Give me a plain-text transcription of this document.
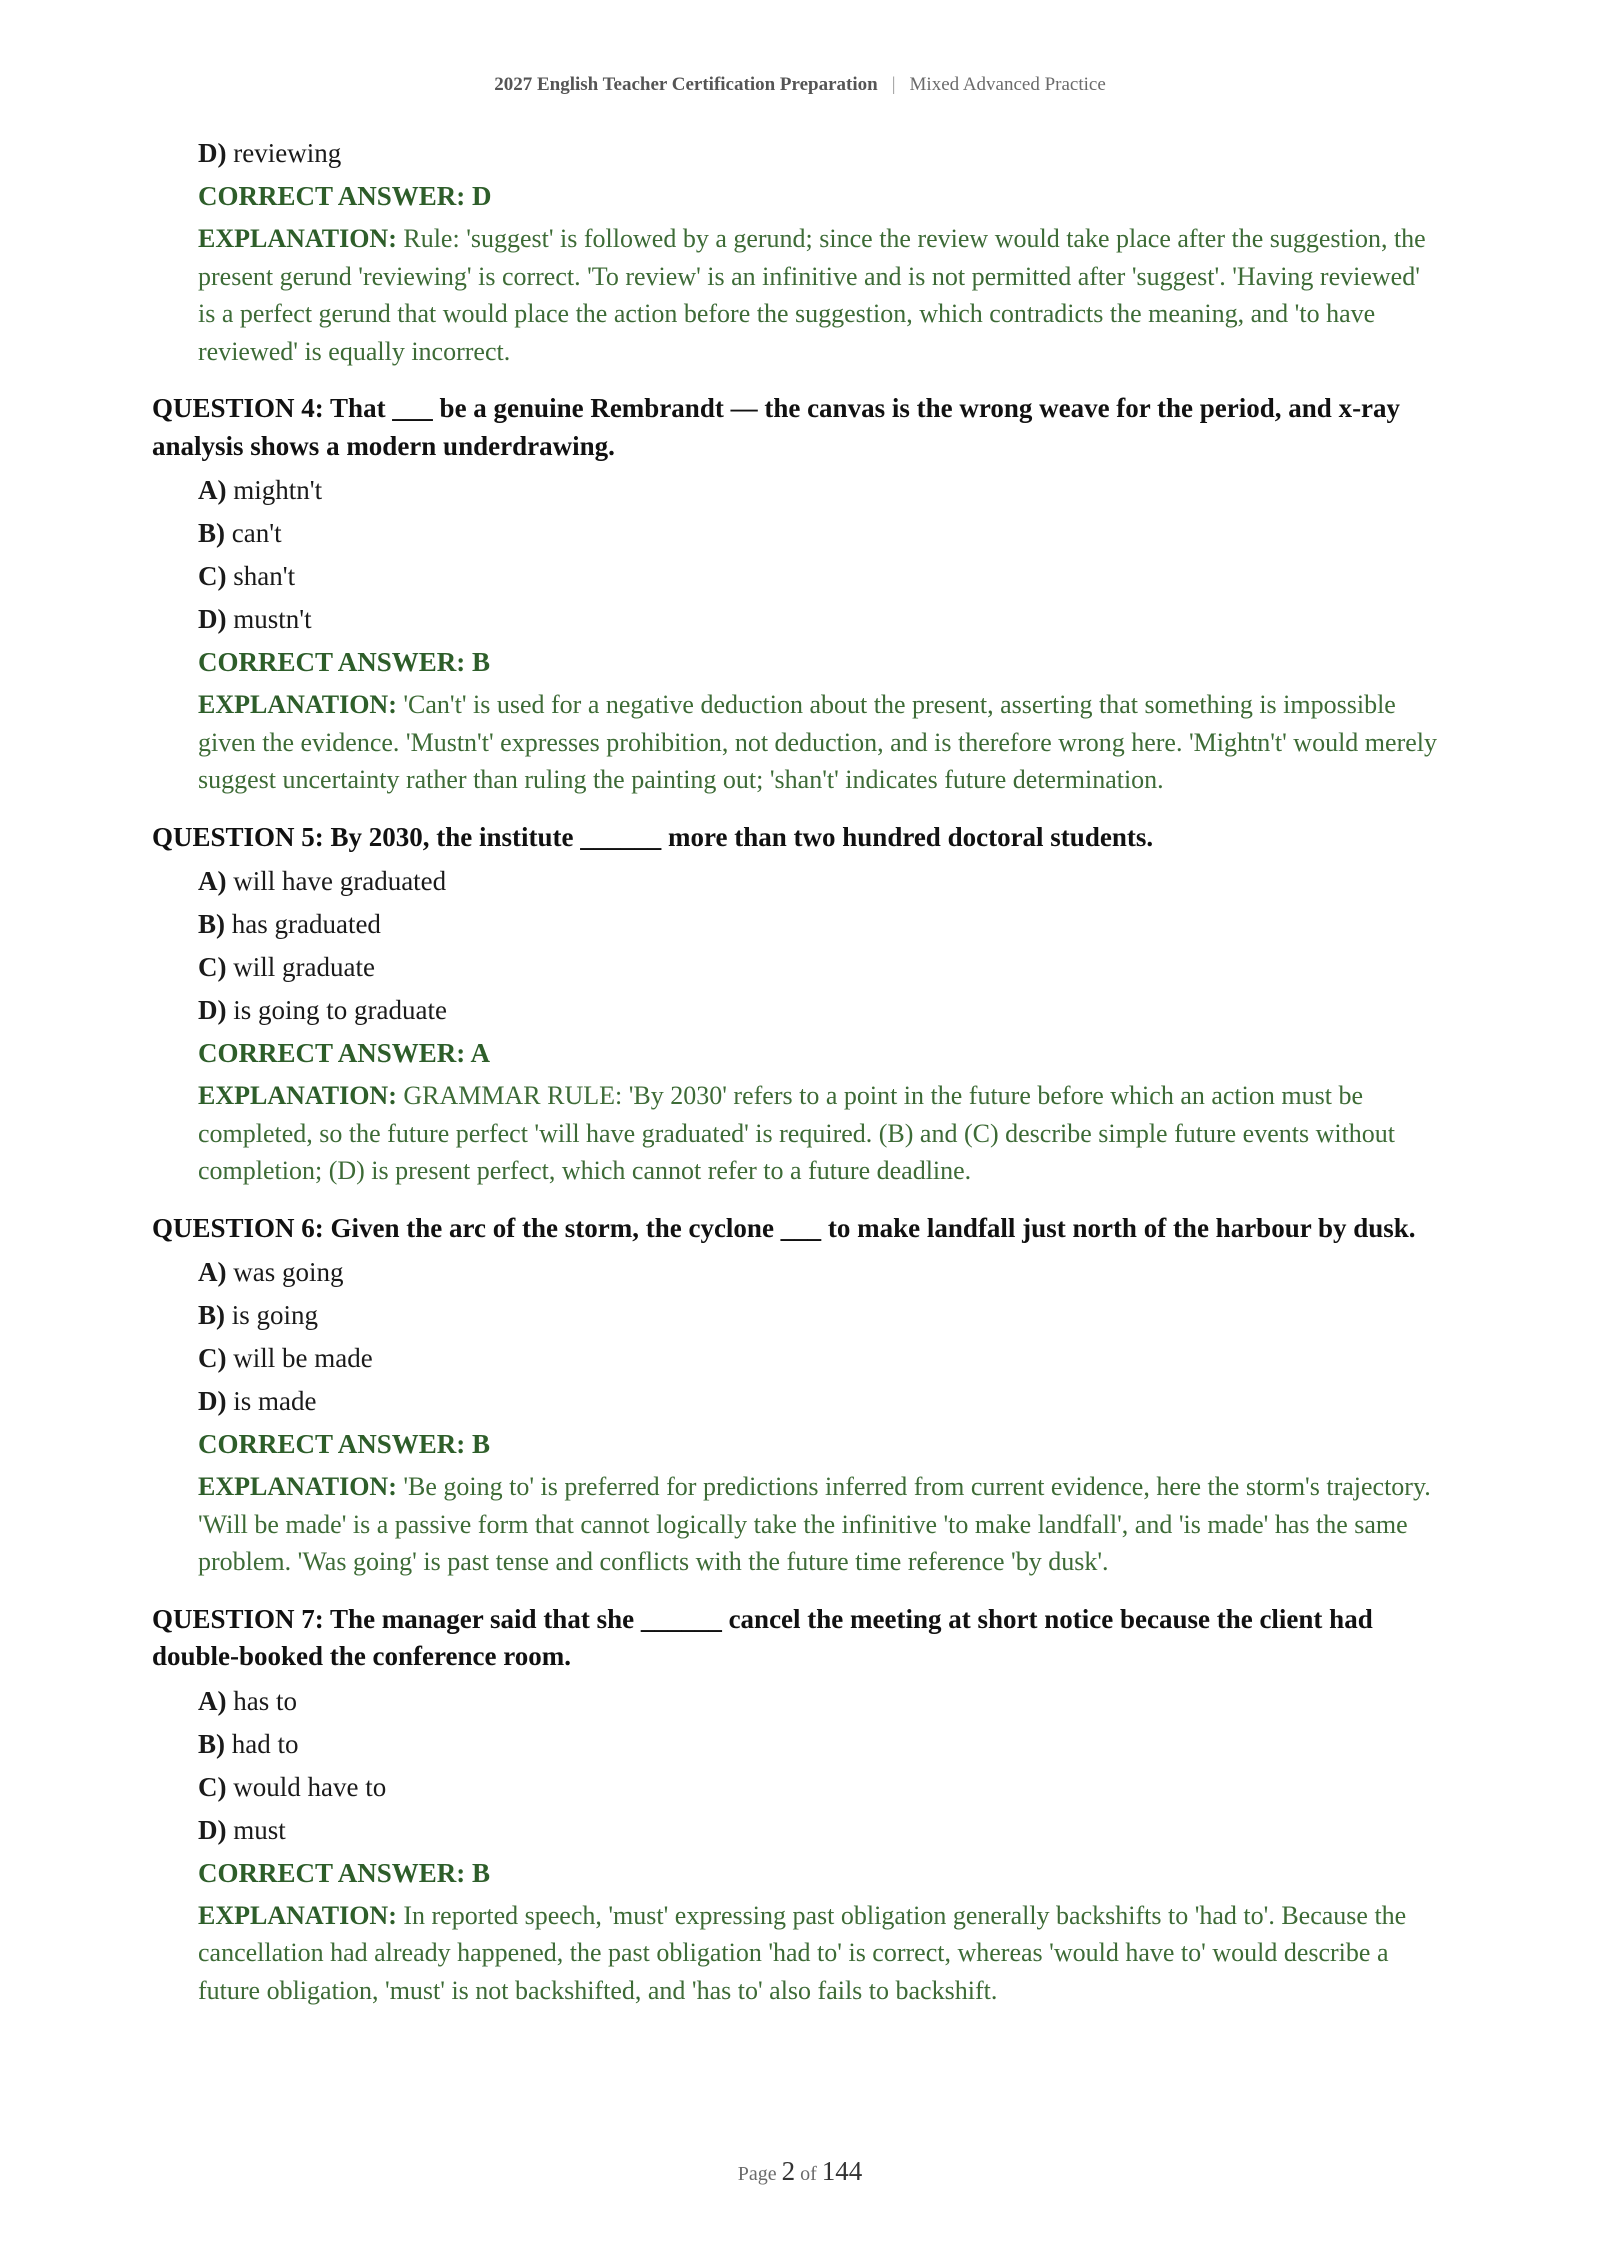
2027 English Teacher Certification Preparation | Mixed Advanced Practice
D) reviewing
CORRECT ANSWER: D
EXPLANATION: Rule: 'suggest' is followed by a gerund; since the review would take place after the suggestion, the present gerund 'reviewing' is correct. 'To review' is an infinitive and is not permitted after 'suggest'. 'Having reviewed' is a perfect gerund that would place the action before the suggestion, which contradicts the meaning, and 'to have reviewed' is equally incorrect.
QUESTION 4: That ___ be a genuine Rembrandt — the canvas is the wrong weave for the period, and x-ray analysis shows a modern underdrawing.
A) mightn't
B) can't
C) shan't
D) mustn't
CORRECT ANSWER: B
EXPLANATION: 'Can't' is used for a negative deduction about the present, asserting that something is impossible given the evidence. 'Mustn't' expresses prohibition, not deduction, and is therefore wrong here. 'Mightn't' would merely suggest uncertainty rather than ruling the painting out; 'shan't' indicates future determination.
QUESTION 5: By 2030, the institute ______ more than two hundred doctoral students.
A) will have graduated
B) has graduated
C) will graduate
D) is going to graduate
CORRECT ANSWER: A
EXPLANATION: GRAMMAR RULE: 'By 2030' refers to a point in the future before which an action must be completed, so the future perfect 'will have graduated' is required. (B) and (C) describe simple future events without completion; (D) is present perfect, which cannot refer to a future deadline.
QUESTION 6: Given the arc of the storm, the cyclone ___ to make landfall just north of the harbour by dusk.
A) was going
B) is going
C) will be made
D) is made
CORRECT ANSWER: B
EXPLANATION: 'Be going to' is preferred for predictions inferred from current evidence, here the storm's trajectory. 'Will be made' is a passive form that cannot logically take the infinitive 'to make landfall', and 'is made' has the same problem. 'Was going' is past tense and conflicts with the future time reference 'by dusk'.
QUESTION 7: The manager said that she ______ cancel the meeting at short notice because the client had double-booked the conference room.
A) has to
B) had to
C) would have to
D) must
CORRECT ANSWER: B
EXPLANATION: In reported speech, 'must' expressing past obligation generally backshifts to 'had to'. Because the cancellation had already happened, the past obligation 'had to' is correct, whereas 'would have to' would describe a future obligation, 'must' is not backshifted, and 'has to' also fails to backshift.
Page 2 of 144
